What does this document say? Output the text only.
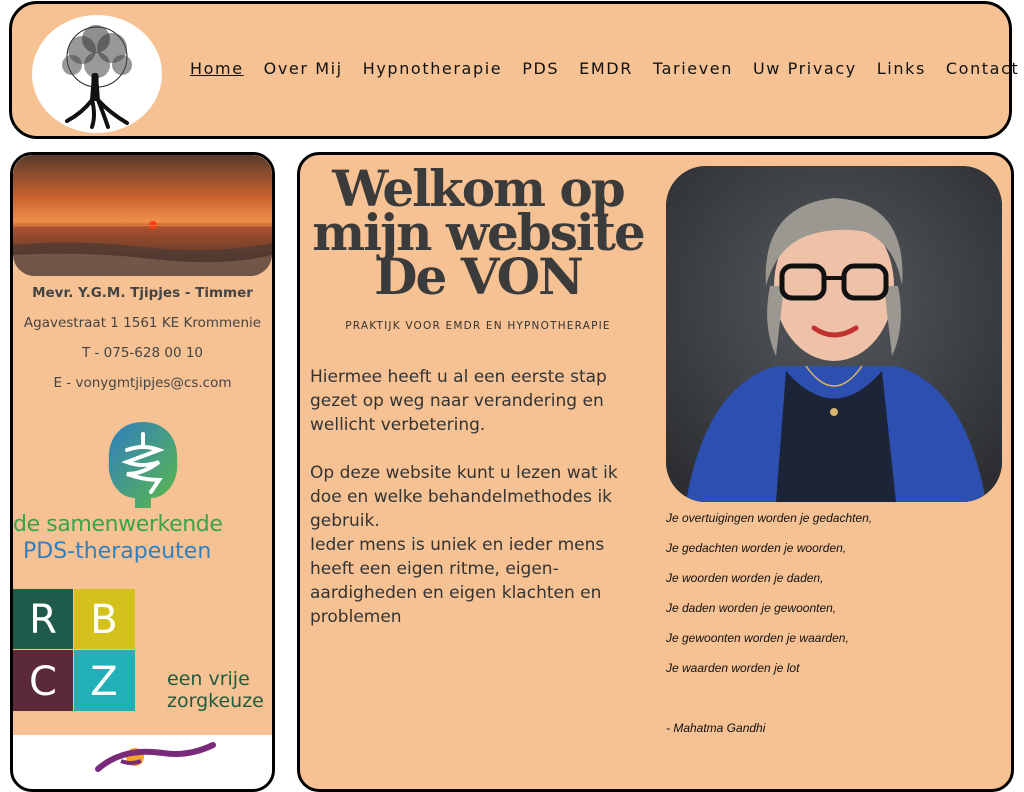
Home Over Mij Hypnotherapie PDS EMDR Tarieven Uw Privacy Links Contact
Mevr. Y.G.M. Tjipjes - Timmer
Agavestraat 1 1561 KE Krommenie
T - 075-628 00 10
E - vonygmtjipjes@cs.com
de samenwerkende
PDS-therapeuten
R B
C Z	een vrije
zorgkeuze
Welkom op mijn website De VON
PRAKTIJK VOOR EMDR EN HYPNOTHERAPIE
Hiermee heeft u al een eerste stap gezet op weg naar verandering en wellicht verbetering.
Op deze website kunt u lezen wat ik doe en welke behandelmethodes ik gebruik.
Ieder mens is uniek en ieder mens heeft een eigen ritme, eigen-aardigheden en eigen klachten en problemen
Je overtuigingen worden je gedachten,
Je gedachten worden je woorden,
Je woorden worden je daden,
Je daden worden je gewoonten,
Je gewoonten worden je waarden,
Je waarden worden je lot
- Mahatma Gandhi
